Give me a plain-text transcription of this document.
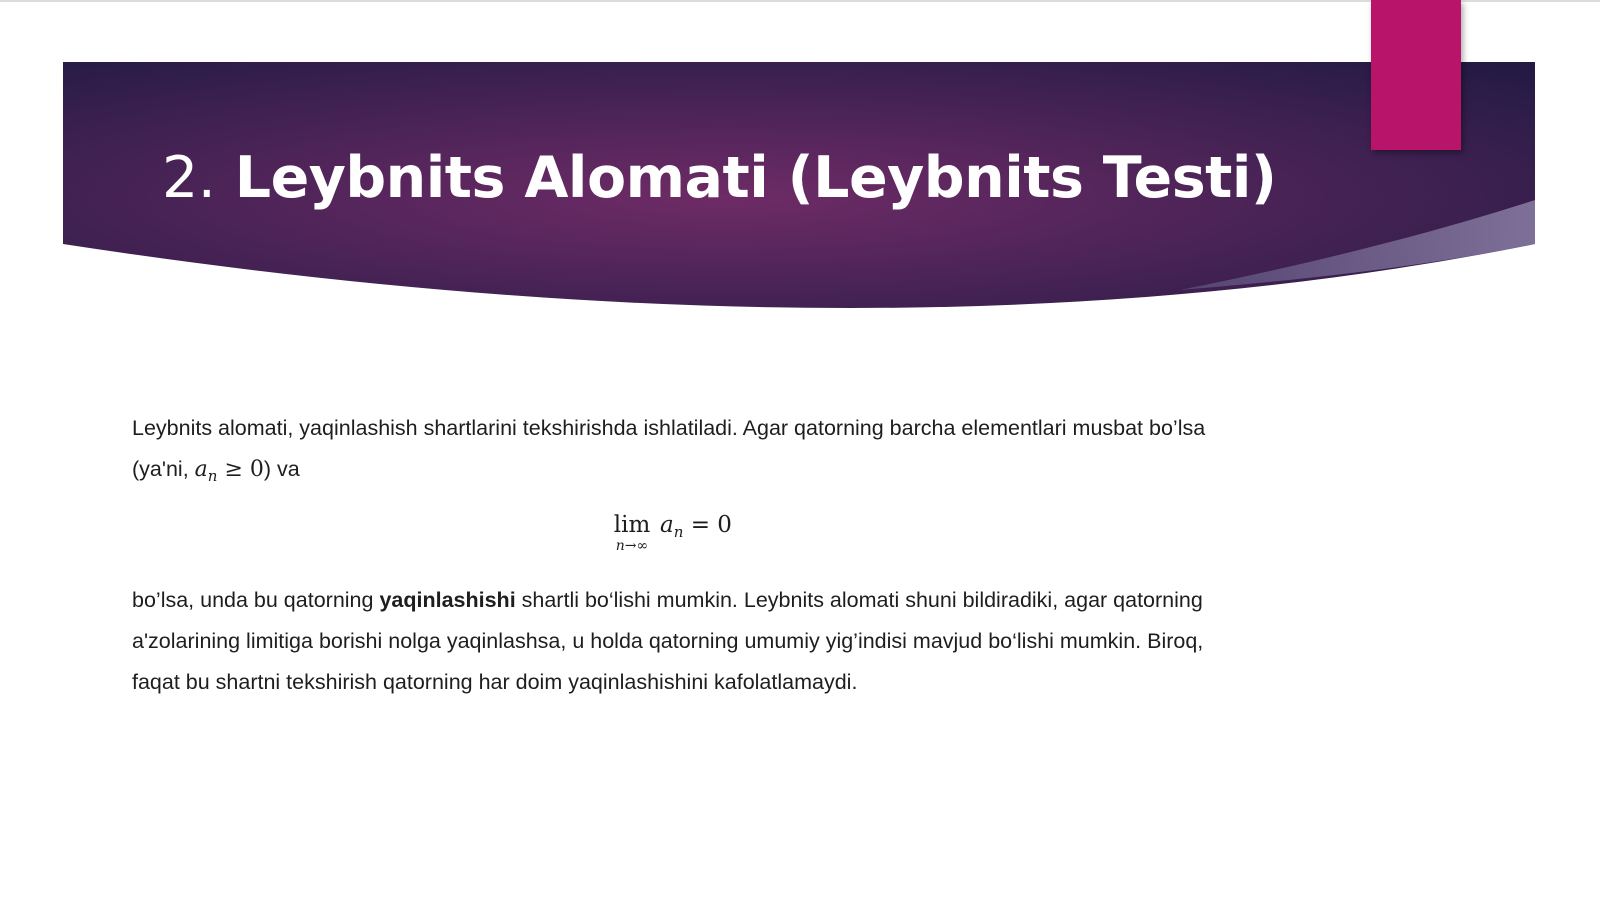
2. Leybnits Alomati (Leybnits Testi)

Leybnits alomati, yaqinlashish shartlarini tekshirishda ishlatiladi. Agar qatorning barcha elementlari musbat bo’lsa (ya'ni, $a_n \ge 0$) va

lim
n→∞
$a_n = 0$

bo’lsa, unda bu qatorning yaqinlashishi shartli bo‘lishi mumkin. Leybnits alomati shuni bildiradiki, agar qatorning a'zolarining limitiga borishi nolga yaqinlashsa, u holda qatorning umumiy yig’indisi mavjud bo‘lishi mumkin. Biroq, faqat bu shartni tekshirish qatorning har doim yaqinlashishini kafolatlamaydi.
